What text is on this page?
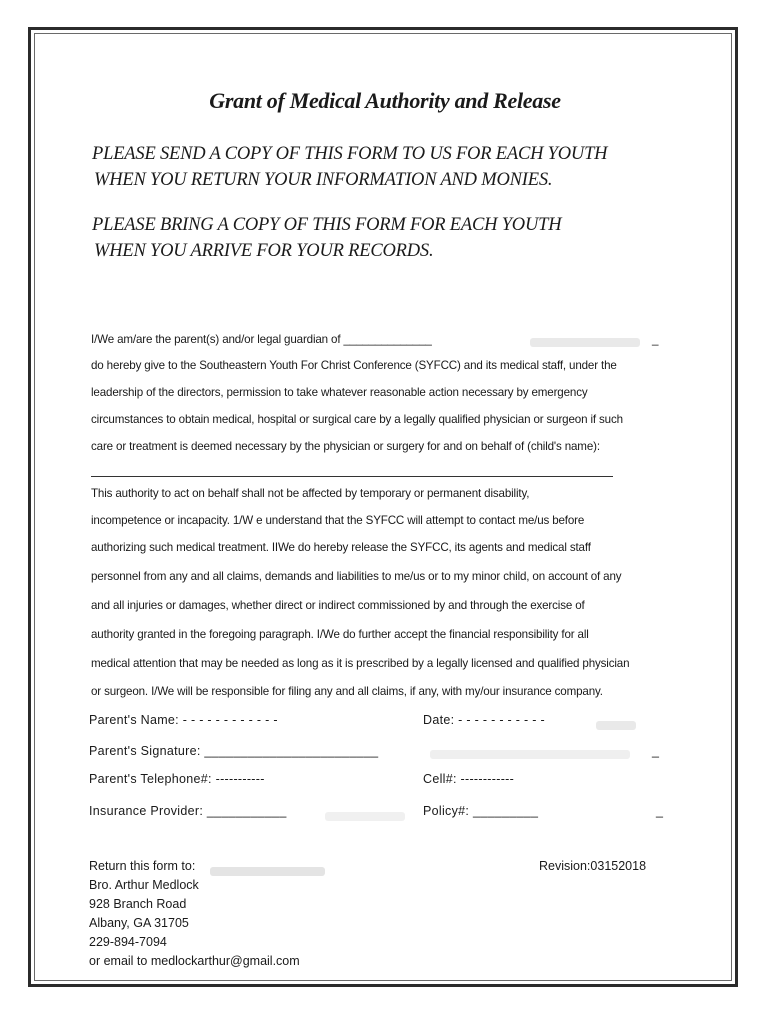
Grant of Medical Authority and Release
PLEASE SEND A COPY OF THIS FORM TO US FOR EACH YOUTH
WHEN YOU RETURN YOUR INFORMATION AND MONIES.
PLEASE BRING A COPY OF THIS FORM FOR EACH YOUTH
WHEN YOU ARRIVE FOR YOUR RECORDS.
I/We am/are the parent(s) and/or legal guardian of ______________	_
do hereby give to the Southeastern Youth For Christ Conference (SYFCC) and its medical staff, under the
leadership of the directors, permission to take whatever reasonable action necessary by emergency
circumstances to obtain medical, hospital or surgical care by a legally qualified physician or surgeon if such
care or treatment is deemed necessary by the physician or surgery for and on behalf of (child's name):
This authority to act on behalf shall not be affected by temporary or permanent disability,
incompetence or incapacity. 1/W e understand that the SYFCC will attempt to contact me/us before
authorizing such medical treatment. IIWe do hereby release the SYFCC, its agents and medical staff
personnel from any and all claims, demands and liabilities to me/us or to my minor child, on account of any
and all injuries or damages, whether direct or indirect commissioned by and through the exercise of
authority granted in the foregoing paragraph. I/We do further accept the financial responsibility for all
medical attention that may be needed as long as it is prescribed by a legally licensed and qualified physician
or surgeon. I/We will be responsible for filing any and all claims, if any, with my/our insurance company.
Parent's Name: - - - - - - - - - - - -	Date: - - - - - - - - - - -
Parent's Signature: ________________________	_
Parent's Telephone#: -----------	Cell#: ------------
Insurance Provider: ___________	Policy#: _________	_
Return this form to:
Bro. Arthur Medlock
928 Branch Road
Albany, GA 31705
229-894-7094
or email to medlockarthur@gmail.com
Revision:03152018
